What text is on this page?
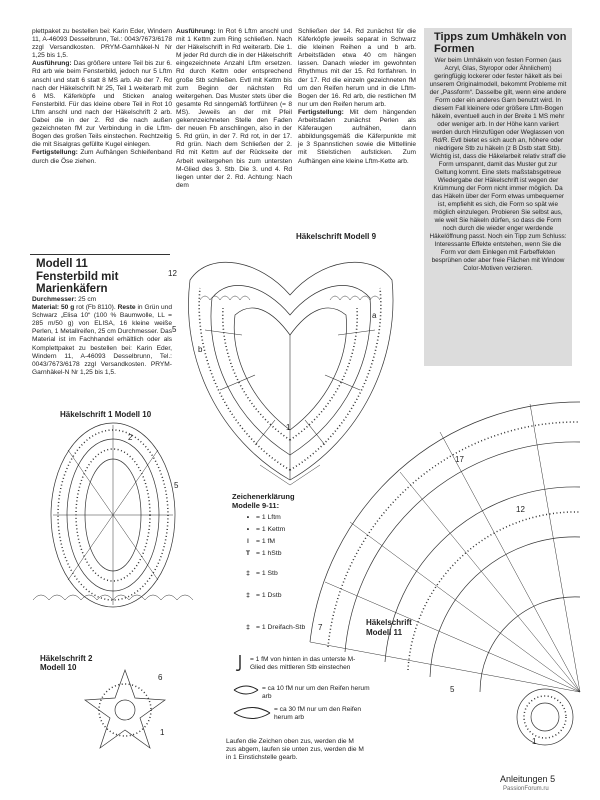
plettpaket zu bestellen bei: Karin Eder, Windern 11, A-46093 Desselbrunn, Tel.: 0043/7673/6178 zzgl Versandkosten. PRYM-Garnhäkel-N Nr 1,25 bis 1,5.

Ausführung: Das größere untere Teil bis zur 6. Rd arb wie beim Fensterbild, jedoch nur 5 Lftm anschl und statt 6 statt 8 MS arb. Ab der 7. Rd nach der Häkelschrift Nr 25, Teil 1 weiterarb mit 6 MS. Käferköpfe und Sticken analog Fensterbild. Für das kleine obere Teil in Rot 10 Lftm anschl und nach der Häkelschrift 2 arb. Dabei die in der 2. Rd die nach außen gezeichneten fM zur Verbindung in die Lftm-Bogen des großen Teils einstechen. Rechtzeitig die mit Sisalgras gefüllte Kugel einlegen.

Fertigstellung: Zum Aufhängen Schleifenband durch die Öse ziehen.

Ausführung: In Rot 6 Lftm anschl und mit 1 Kettm zum Ring schließen. Nach der Häkelschrift in Rd weiterarb. Die 1. M jeder Rd durch die in der Häkelschrift eingezeichnete Anzahl Lftm ersetzen. Rd durch Kettm oder entsprechend große Stb schließen. Evtl mit Kettm bis zum Beginn der nächsten Rd weitergehen. Das Muster stets über die gesamte Rd sinngemäß fortführen (= 8 MS). Jeweils an der mit Pfeil gekennzeichneten Stelle den Faden der neuen Fb anschlingen, also in der 5. Rd grün, in der 7. Rd rot, in der 17. Rd grün. Nach dem Schließen der 2. Rd mit Kettm auf der Rückseite der Arbeit weitergehen bis zum untersten M-Glied des 3. Stb. Die 3. und 4. Rd liegen unter der 2. Rd. Achtung: Nach dem

Schließen der 14. Rd zunächst für die Käferköpfe jeweils separat in Schwarz die kleinen Reihen a und b arb. Arbeitsfäden etwa 40 cm hängen lassen. Danach wieder im gewohnten Rhythmus mit der 15. Rd fortfahren. In der 17. Rd die einzeln gezeichneten fM um den Reifen herum und in die Lftm-Bogen der 16. Rd arb, die restlichen fM nur um den Reifen herum arb.

Fertigstellung: Mit dem hängenden Arbeitsfaden zunächst Perlen als Käferaugen aufnähen, dann abbildungsgemäß die Käferpunkte mit je 3 Spannstichen sowie die Mittellinie mit Stielstichen aufsticken. Zum Aufhängen eine kleine Lftm-Kette arb.

Modell 11
Fensterbild mit Marienkäfern

Durchmesser: 25 cm

Material: 50 g rot (Fb 8110). Reste in Grün und Schwarz „Elisa 10“ (100 % Baumwolle, LL = 285 m/50 g) von ELISA, 16 kleine weiße Perlen, 1 Metallreifen, 25 cm Durchmesser. Das Material ist im Fachhandel erhältlich oder als Komplettpaket zu bestellen bei: Karin Eder, Windern 11, A-46093 Desselbrunn, Tel.: 0043/7673/6178 zzgl Versandkosten. PRYM-Garnhäkel-N Nr 1,25 bis 1,5.

Tipps zum Umhäkeln von Formen
Wer beim Umhäkeln von festen Formen (aus Acryl, Glas, Styropor oder Ähnlichem) geringfügig lockerer oder fester häkelt als bei unserem Originalmodell, bekommt Probleme mit der „Passform“. Dasselbe gilt, wenn eine andere Form oder ein anderes Garn benutzt wird. In diesem Fall kleinere oder größere Lftm-Bogen häkeln, eventuell auch in der Breite 1 MS mehr oder weniger arb. In der Höhe kann variiert werden durch Hinzufügen oder Weglassen von Rd/R. Evtl bietet es sich auch an, höhere oder niedrigere Stb zu häkeln (z B Dstb statt Stb). Wichtig ist, dass die Häkelarbeit relativ straff die Form umspannt, damit das Muster gut zur Geltung kommt. Eine stets maßstabsgetreue Wiedergabe der Häkelschrift ist wegen der Krümmung der Form nicht immer möglich. Da das Häkeln über der Form etwas umbequemer ist, empfiehlt es sich, die Form so spät wie möglich einzulegen. Probieren Sie selbst aus, wie weit Sie häkeln dürfen, so dass die Form noch durch die wieder enger werdende Häkelöffnung passt. Noch ein Tipp zum Schluss: Interessante Effekte entstehen, wenn Sie die Form vor dem Einlegen mit Farbeffekten besprühen oder aber freie Flächen mit Window Color-Motiven verzieren.
Häkelschrift Modell 9
12
5
1
a
b
Häkelschrift 1 Modell 10
5
2
Häkelschrift 2
Modell 10
6
1
17
12
7
5
1
Häkelschrift
Modell 11
Zeichenerklärung Modelle 9-11:
• = 1 Lftm
• = 1 Kettm
ǀ = 1 fM
T = 1 hStb
‡ = 1 Stb
‡ = 1 Dstb
‡ = 1 Dreifach-Stb
= 1 fM von hinten in das unterste M-Glied des mittleren Stb einstechen
= ca 10 fM nur um den Reifen herum arb
= ca 30 fM nur um den Reifen herum arb
Laufen die Zeichen oben zus, werden die M zus abgem, laufen sie unten zus, werden die M in 1 Einstichstelle gearb.
Anleitungen 5
PassionForum.ru
